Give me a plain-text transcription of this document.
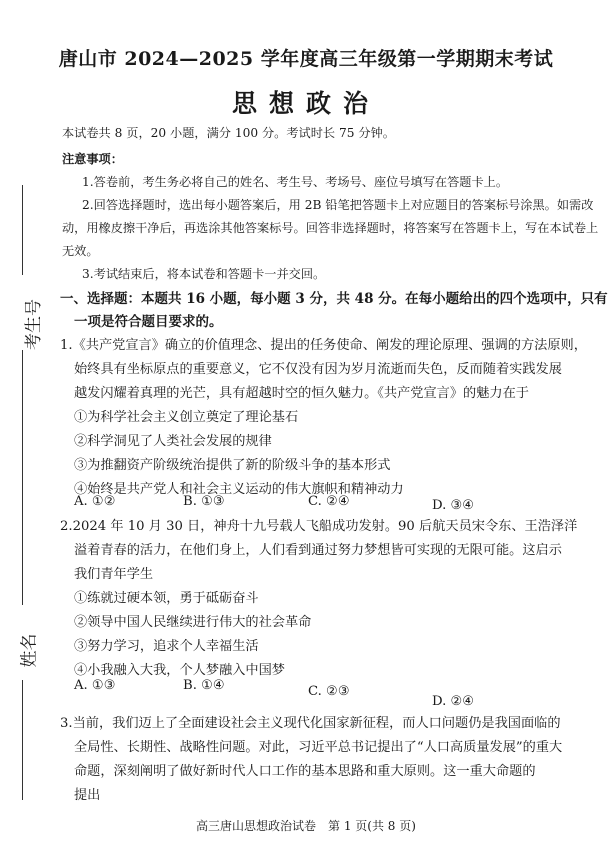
考生号
姓名
唐山市 2024—2025 学年度高三年级第一学期期末考试
思想政治
本试卷共 8 页，20 小题，满分 100 分。考试时长 75 分钟。
注意事项：
1.答卷前，考生务必将自己的姓名、考生号、考场号、座位号填写在答题卡上。
2.回答选择题时，选出每小题答案后，用 2B 铅笔把答题卡上对应题目的答案标号涂黑。如需改
动，用橡皮擦干净后，再选涂其他答案标号。回答非选择题时，将答案写在答题卡上，写在本试卷上
无效。
3.考试结束后，将本试卷和答题卡一并交回。
一、选择题：本题共 16 小题，每小题 3 分，共 48 分。在每小题给出的四个选项中，只有
一项是符合题目要求的。
1.《共产党宣言》确立的价值理念、提出的任务使命、阐发的理论原理、强调的方法原则，
始终具有坐标原点的重要意义，它不仅没有因为岁月流逝而失色，反而随着实践发展
越发闪耀着真理的光芒，具有超越时空的恒久魅力。《共产党宣言》的魅力在于
①为科学社会主义创立奠定了理论基石
②科学洞见了人类社会发展的规律
③为推翻资产阶级统治提供了新的阶级斗争的基本形式
④始终是共产党人和社会主义运动的伟大旗帜和精神动力
A. ①②	B. ①③	C. ②④	D. ③④
2.2024 年 10 月 30 日，神舟十九号载人飞船成功发射。90 后航天员宋令东、王浩泽洋
溢着青春的活力，在他们身上，人们看到通过努力梦想皆可实现的无限可能。这启示
我们青年学生
①练就过硬本领，勇于砥砺奋斗
②领导中国人民继续进行伟大的社会革命
③努力学习，追求个人幸福生活
④小我融入大我，个人梦融入中国梦
A. ①③	B. ①④	C. ②③
D. ②④
3.当前，我们迈上了全面建设社会主义现代化国家新征程，而人口问题仍是我国面临的
全局性、长期性、战略性问题。对此，习近平总书记提出了“人口高质量发展”的重大
命题，深刻阐明了做好新时代人口工作的基本思路和重大原则。这一重大命题的
提出
高三唐山思想政治试卷　第 1 页(共 8 页)
